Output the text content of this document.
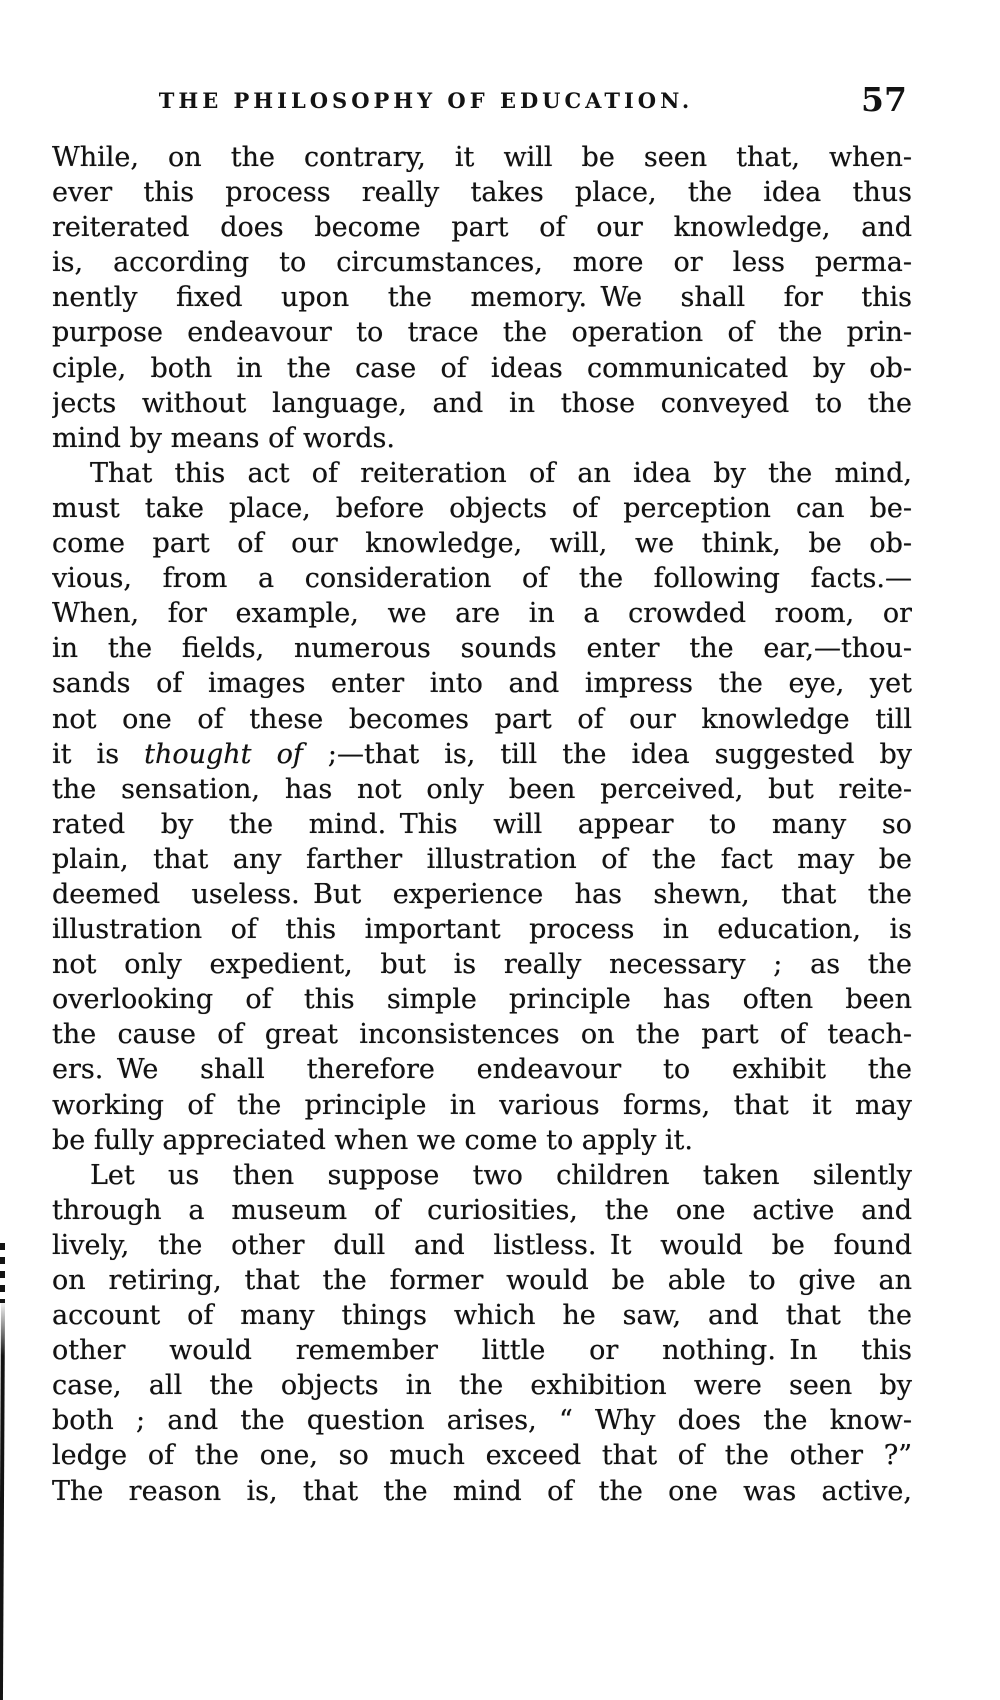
THE PHILOSOPHY OF EDUCATION.	57
While, on the contrary, it will be seen that, when-
ever this process really takes place, the idea thus
reiterated does become part of our knowledge, and
is, according to circumstances, more or less perma-
nently fixed upon the memory. We shall for this
purpose endeavour to trace the operation of the prin-
ciple, both in the case of ideas communicated by ob-
jects without language, and in those conveyed to the
mind by means of words.
That this act of reiteration of an idea by the mind,
must take place, before objects of perception can be-
come part of our knowledge, will, we think, be ob-
vious, from a consideration of the following facts.—
When, for example, we are in a crowded room, or
in the fields, numerous sounds enter the ear,—thou-
sands of images enter into and impress the eye, yet
not one of these becomes part of our knowledge till
it is thought of ;—that is, till the idea suggested by
the sensation, has not only been perceived, but reite-
rated by the mind. This will appear to many so
plain, that any farther illustration of the fact may be
deemed useless. But experience has shewn, that the
illustration of this important process in education, is
not only expedient, but is really necessary ; as the
overlooking of this simple principle has often been
the cause of great inconsistences on the part of teach-
ers. We shall therefore endeavour to exhibit the
working of the principle in various forms, that it may
be fully appreciated when we come to apply it.
Let us then suppose two children taken silently
through a museum of curiosities, the one active and
lively, the other dull and listless. It would be found
on retiring, that the former would be able to give an
account of many things which he saw, and that the
other would remember little or nothing. In this
case, all the objects in the exhibition were seen by
both ; and the question arises, “ Why does the know-
ledge of the one, so much exceed that of the other ?”
The reason is, that the mind of the one was active,
